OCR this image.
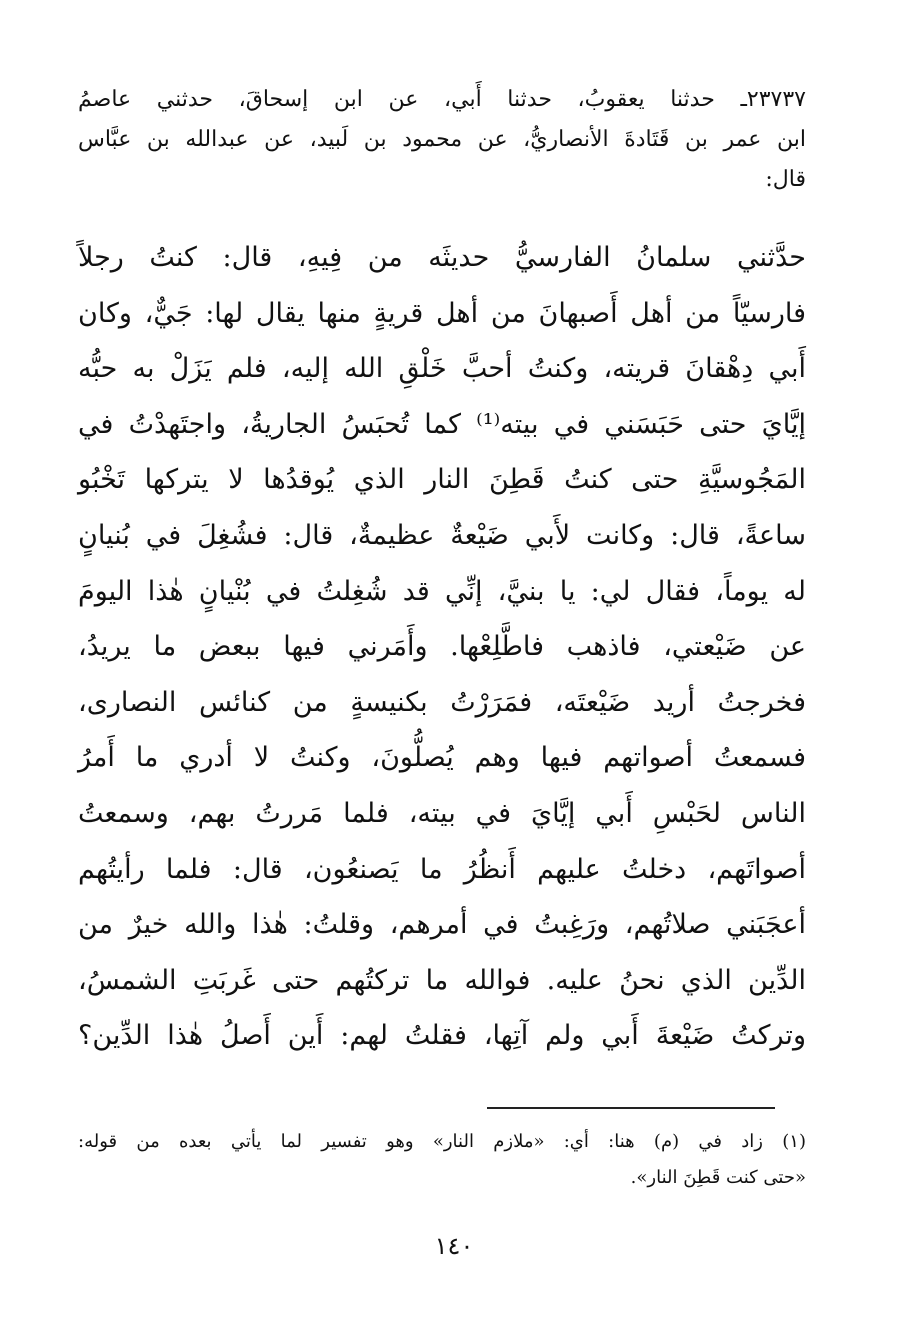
٢٣٧٣٧ـ حدثنا يعقوبُ، حدثنا أَبي، عن ابن إسحاقَ، حدثني عاصمُ
ابن عمر بن قَتَادةَ الأنصاريُّ، عن محمود بن لَبيد، عن عبدالله بن عبَّاس
قال:
حدَّثني سلمانُ الفارسيُّ حديثَه من فِيهِ، قال: كنتُ رجلاً
فارسيّاً من أهل أَصبهانَ من أهل قريةٍ منها يقال لها: جَيٌّ، وكان
أَبي دِهْقانَ قريته، وكنتُ أحبَّ خَلْقِ الله إليه، فلم يَزَلْ به حبُّه
إيَّايَ حتى حَبَسَني في بيته⁽¹⁾ كما تُحبَسُ الجاريةُ، واجتَهدْتُ في
المَجُوسيَّةِ حتى كنتُ قَطِنَ النار الذي يُوقدُها لا يتركها تَخْبُو
ساعةً، قال: وكانت لأَبي ضَيْعةٌ عظيمةٌ، قال: فشُغِلَ في بُنيانٍ
له يوماً، فقال لي: يا بنيَّ، إنِّي قد شُغِلتُ في بُنْيانٍ هٰذا اليومَ
عن ضَيْعتي، فاذهب فاطَّلِعْها. وأَمَرني فيها ببعض ما يريدُ،
فخرجتُ أريد ضَيْعتَه، فمَرَرْتُ بكنيسةٍ من كنائس النصارى،
فسمعتُ أصواتهم فيها وهم يُصلُّونَ، وكنتُ لا أدري ما أَمرُ
الناس لحَبْسِ أَبي إيَّايَ في بيته، فلما مَررتُ بهم، وسمعتُ
أصواتَهم، دخلتُ عليهم أَنظُرُ ما يَصنعُون، قال: فلما رأيتُهم
أعجَبَني صلاتُهم، ورَغِبتُ في أمرهم، وقلتُ: هٰذا والله خيرٌ من
الدِّين الذي نحنُ عليه. فوالله ما تركتُهم حتى غَربَتِ الشمسُ،
وتركتُ ضَيْعةَ أَبي ولم آتِها، فقلتُ لهم: أَين أَصلُ هٰذا الدِّين؟
(١) زاد في (م) هنا: أي: «ملازم النار» وهو تفسير لما يأتي بعده من قوله:
«حتى كنت قَطِنَ النار».
١٤٠
